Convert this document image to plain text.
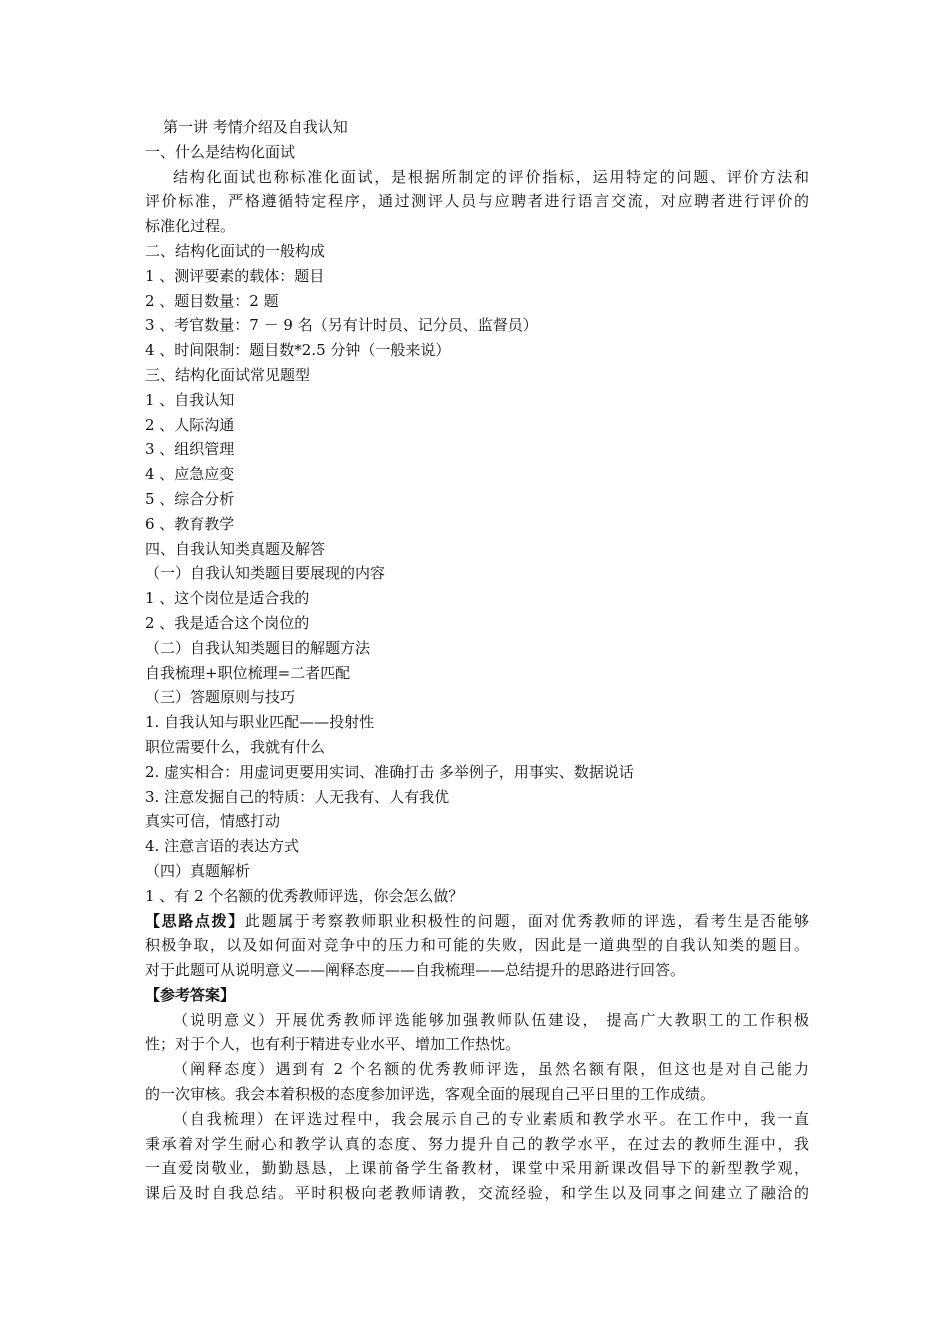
第一讲 考情介绍及自我认知
一、什么是结构化面试
结构化面试也称标准化面试，是根据所制定的评价指标，运用特定的问题、评价方法和
评价标准，严格遵循特定程序，通过测评人员与应聘者进行语言交流，对应聘者进行评价的
标准化过程。
二、结构化面试的一般构成
1 、测评要素的载体：题目
2 、题目数量：2 题
3 、考官数量：7 － 9 名（另有计时员、记分员、监督员）
4 、时间限制：题目数*2.5 分钟（一般来说）
三、结构化面试常见题型
1 、自我认知
2 、人际沟通
3 、组织管理
4 、应急应变
5 、综合分析
6 、教育教学
四、自我认知类真题及解答
（一）自我认知类题目要展现的内容
1 、这个岗位是适合我的
2 、我是适合这个岗位的
（二）自我认知类题目的解题方法
自我梳理+职位梳理=二者匹配
（三）答题原则与技巧
1. 自我认知与职业匹配——投射性
职位需要什么，我就有什么
2. 虚实相合：用虚词更要用实词、准确打击 多举例子，用事实、数据说话
3. 注意发掘自己的特质：人无我有、人有我优
真实可信，情感打动
4. 注意言语的表达方式
（四）真题解析
1 、有 2 个名额的优秀教师评选，你会怎么做？
【思路点拨】此题属于考察教师职业积极性的问题，面对优秀教师的评选，看考生是否能够
积极争取，以及如何面对竞争中的压力和可能的失败，因此是一道典型的自我认知类的题目。
对于此题可从说明意义——阐释态度——自我梳理——总结提升的思路进行回答。
【参考答案】
（说明意义）开展优秀教师评选能够加强教师队伍建设， 提高广大教职工的工作积极
性；对于个人，也有利于精进专业水平、增加工作热忱。
（阐释态度）遇到有 2 个名额的优秀教师评选，虽然名额有限，但这也是对自己能力
的一次审核。我会本着积极的态度参加评选，客观全面的展现自己平日里的工作成绩。
（自我梳理）在评选过程中，我会展示自己的专业素质和教学水平。在工作中，我一直
秉承着对学生耐心和教学认真的态度、努力提升自己的教学水平，在过去的教师生涯中，我
一直爱岗敬业，勤勤恳恳，上课前备学生备教材，课堂中采用新课改倡导下的新型教学观，
课后及时自我总结。平时积极向老教师请教，交流经验，和学生以及同事之间建立了融洽的
